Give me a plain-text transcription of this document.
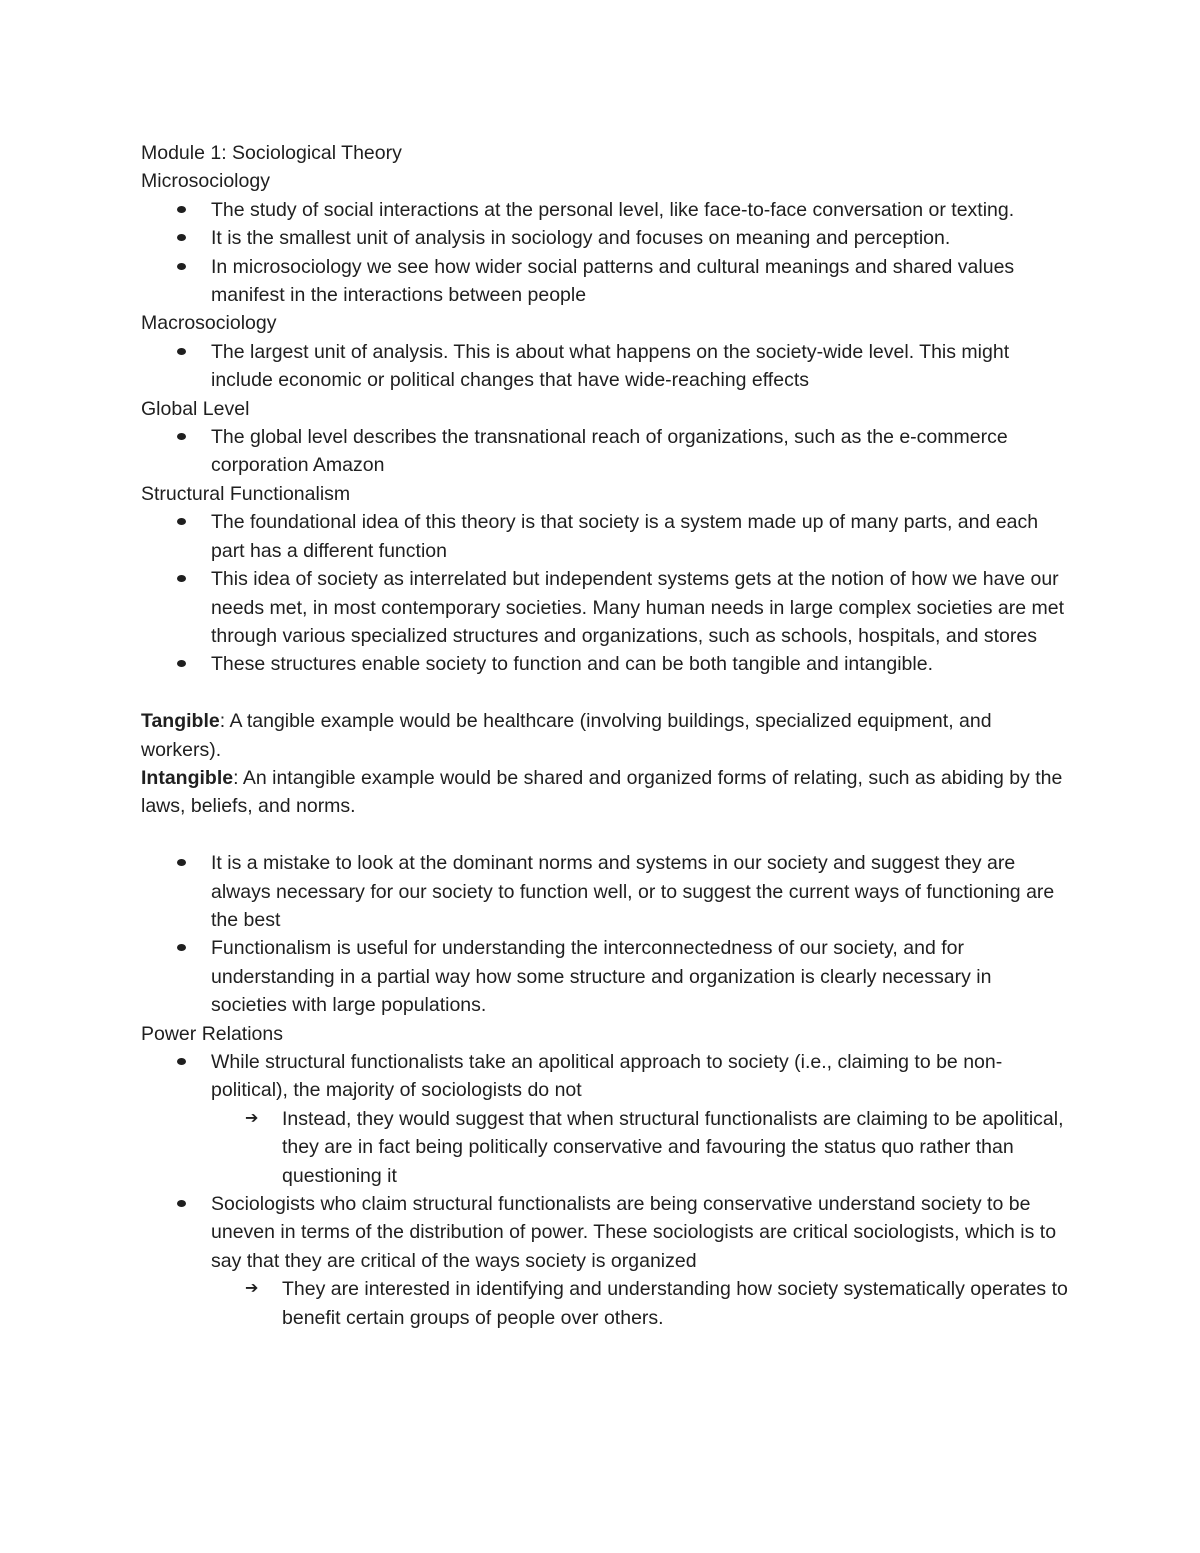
Module 1: Sociological Theory

Microsociology

The study of social interactions at the personal level, like face-to-face conversation or texting.
It is the smallest unit of analysis in sociology and focuses on meaning and perception.
In microsociology we see how wider social patterns and cultural meanings and shared values manifest in the interactions between people

Macrosociology

The largest unit of analysis. This is about what happens on the society-wide level. This might include economic or political changes that have wide-reaching effects

Global Level

The global level describes the transnational reach of organizations, such as the e-commerce corporation Amazon

Structural Functionalism

The foundational idea of this theory is that society is a system made up of many parts, and each part has a different function
This idea of society as interrelated but independent systems gets at the notion of how we have our needs met, in most contemporary societies. Many human needs in large complex societies are met through various specialized structures and organizations, such as schools, hospitals, and stores
These structures enable society to function and can be both tangible and intangible.

Tangible: A tangible example would be healthcare (involving buildings, specialized equipment, and workers).

Intangible: An intangible example would be shared and organized forms of relating, such as abiding by the laws, beliefs, and norms.

It is a mistake to look at the dominant norms and systems in our society and suggest they are always necessary for our society to function well, or to suggest the current ways of functioning are the best
Functionalism is useful for understanding the interconnectedness of our society, and for understanding in a partial way how some structure and organization is clearly necessary in societies with large populations.

Power Relations

While structural functionalists take an apolitical approach to society (i.e., claiming to be non-political), the majority of sociologists do not
➔ Instead, they would suggest that when structural functionalists are claiming to be apolitical, they are in fact being politically conservative and favouring the status quo rather than questioning it
Sociologists who claim structural functionalists are being conservative understand society to be uneven in terms of the distribution of power. These sociologists are critical sociologists, which is to say that they are critical of the ways society is organized
➔ They are interested in identifying and understanding how society systematically operates to benefit certain groups of people over others.
